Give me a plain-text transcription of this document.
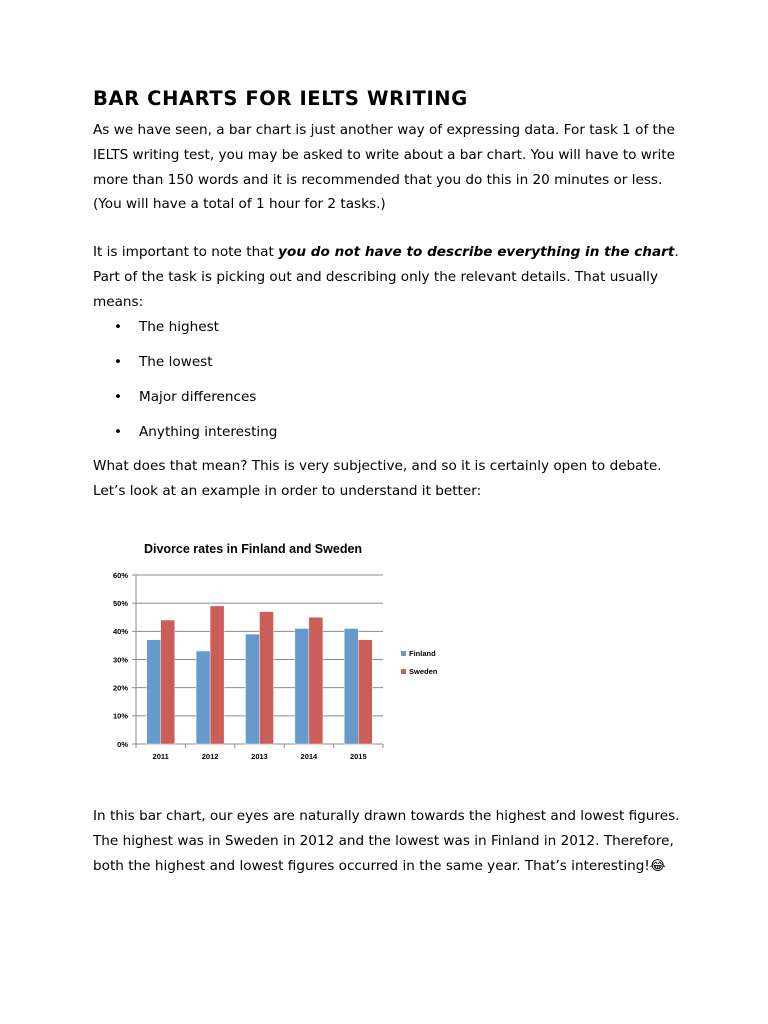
BAR CHARTS FOR IELTS WRITING

As we have seen, a bar chart is just another way of expressing data. For task 1 of the IELTS writing test, you may be asked to write about a bar chart. You will have to write more than 150 words and it is recommended that you do this in 20 minutes or less. (You will have a total of 1 hour for 2 tasks.)

It is important to note that you do not have to describe everything in the chart. Part of the task is picking out and describing only the relevant details. That usually means:

• The highest
• The lowest
• Major differences
• Anything interesting

What does that mean? This is very subjective, and so it is certainly open to debate. Let’s look at an example in order to understand it better:

Divorce rates in Finland and Sweden
0%
10%
20%
30%
40%
50%
60%
2011	2012	2013	2014	2015
Finland
Sweden

In this bar chart, our eyes are naturally drawn towards the highest and lowest figures. The highest was in Sweden in 2012 and the lowest was in Finland in 2012. Therefore, both the highest and lowest figures occurred in the same year. That’s interesting!😂
